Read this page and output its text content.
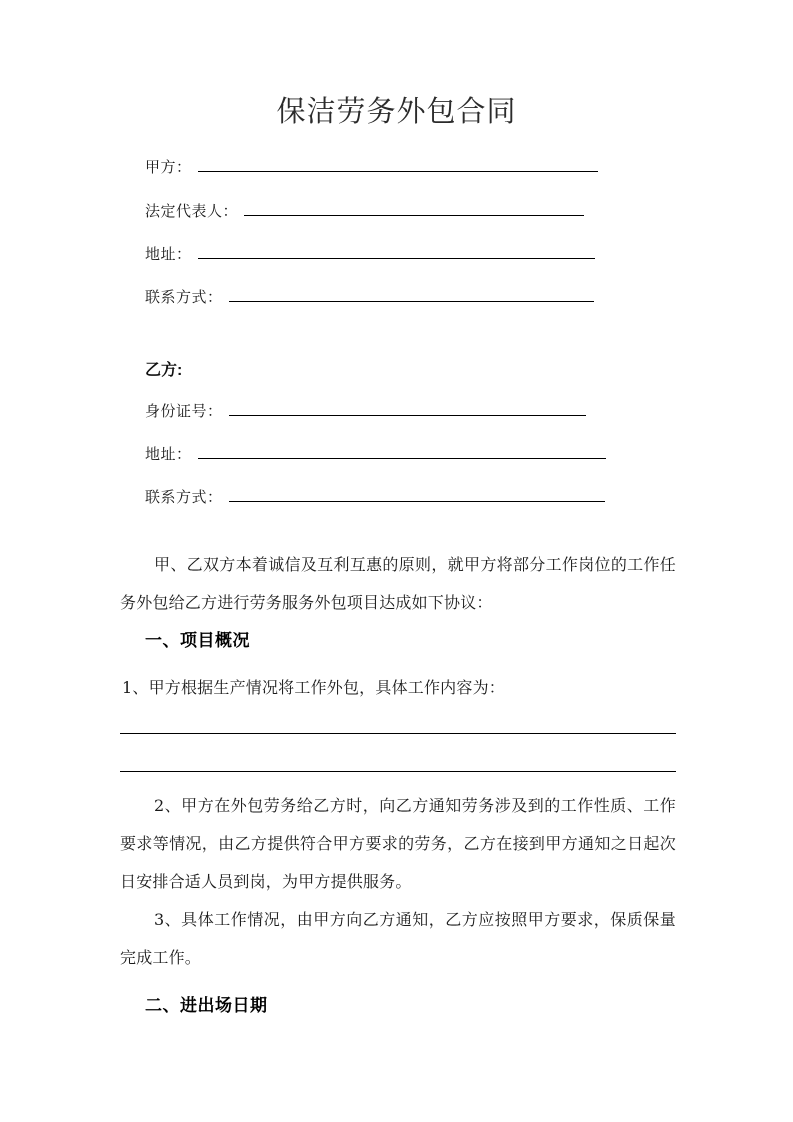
保洁劳务外包合同
甲方：
法定代表人：
地址：
联系方式：
乙方:
身份证号：
地址：
联系方式：
甲、乙双方本着诚信及互利互惠的原则，就甲方将部分工作岗位的工作任务外包给乙方进行劳务服务外包项目达成如下协议：
一、项目概况
1、甲方根据生产情况将工作外包，具体工作内容为：
2、甲方在外包劳务给乙方时，向乙方通知劳务涉及到的工作性质、工作要求等情况，由乙方提供符合甲方要求的劳务，乙方在接到甲方通知之日起次日安排合适人员到岗，为甲方提供服务。
3、具体工作情况，由甲方向乙方通知，乙方应按照甲方要求，保质保量完成工作。
二、进出场日期
